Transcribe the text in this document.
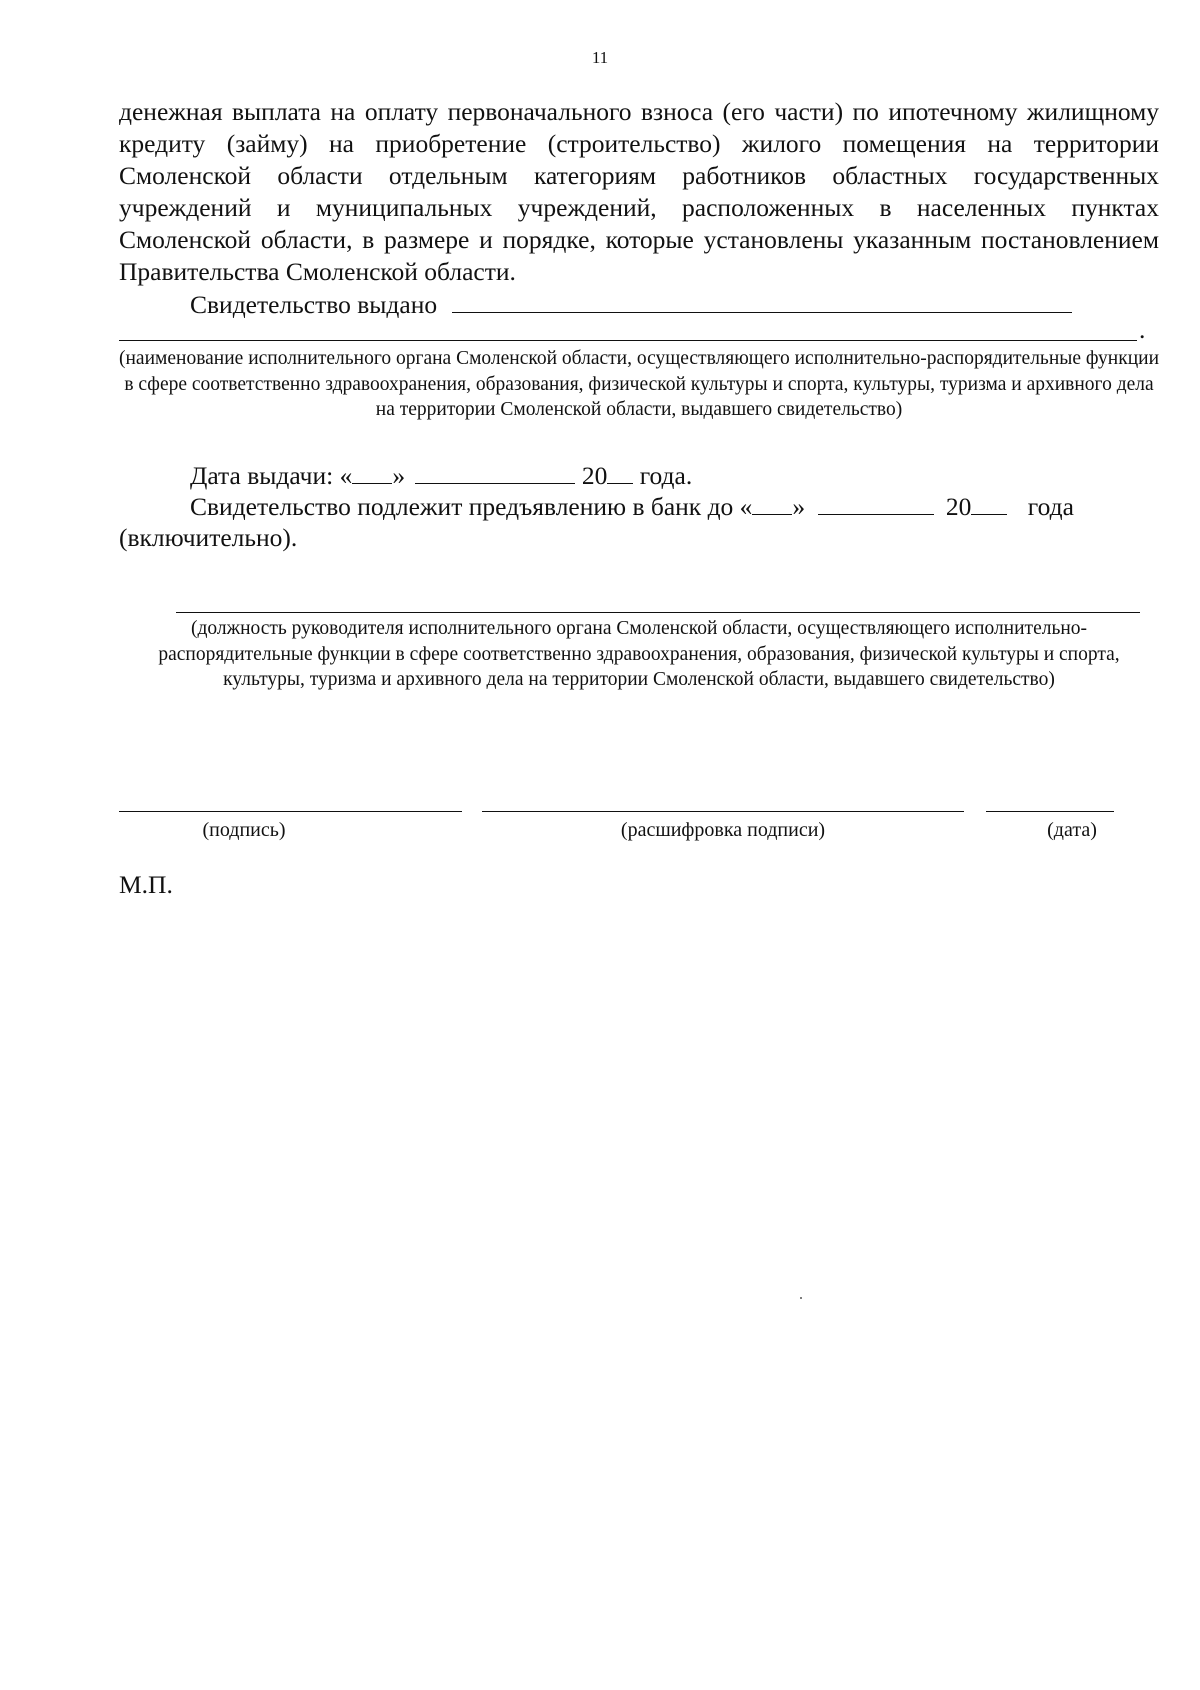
11

денежная выплата на оплату первоначального взноса (его части) по ипотечному жилищному кредиту (займу) на приобретение (строительство) жилого помещения на территории Смоленской области отдельным категориям работников областных государственных учреждений и муниципальных учреждений, расположенных в населенных пунктах Смоленской области, в размере и порядке, которые установлены указанным постановлением Правительства Смоленской области.

Свидетельство выдано
.
(наименование исполнительного органа Смоленской области, осуществляющего исполнительно-распорядительные функции в сфере соответственно здравоохранения, образования, физической культуры и спорта, культуры, туризма и архивного дела на территории Смоленской области, выдавшего свидетельство)
Дата выдачи: « »	20 года.
Свидетельство подлежит предъявлению в банк до « »	20 года
(включительно).
(должность руководителя исполнительного органа Смоленской области, осуществляющего исполнительно-распорядительные функции в сфере соответственно здравоохранения, образования, физической культуры и спорта, культуры, туризма и архивного дела на территории Смоленской области, выдавшего свидетельство)
(подпись)	(расшифровка подписи)	(дата)
М.П.
